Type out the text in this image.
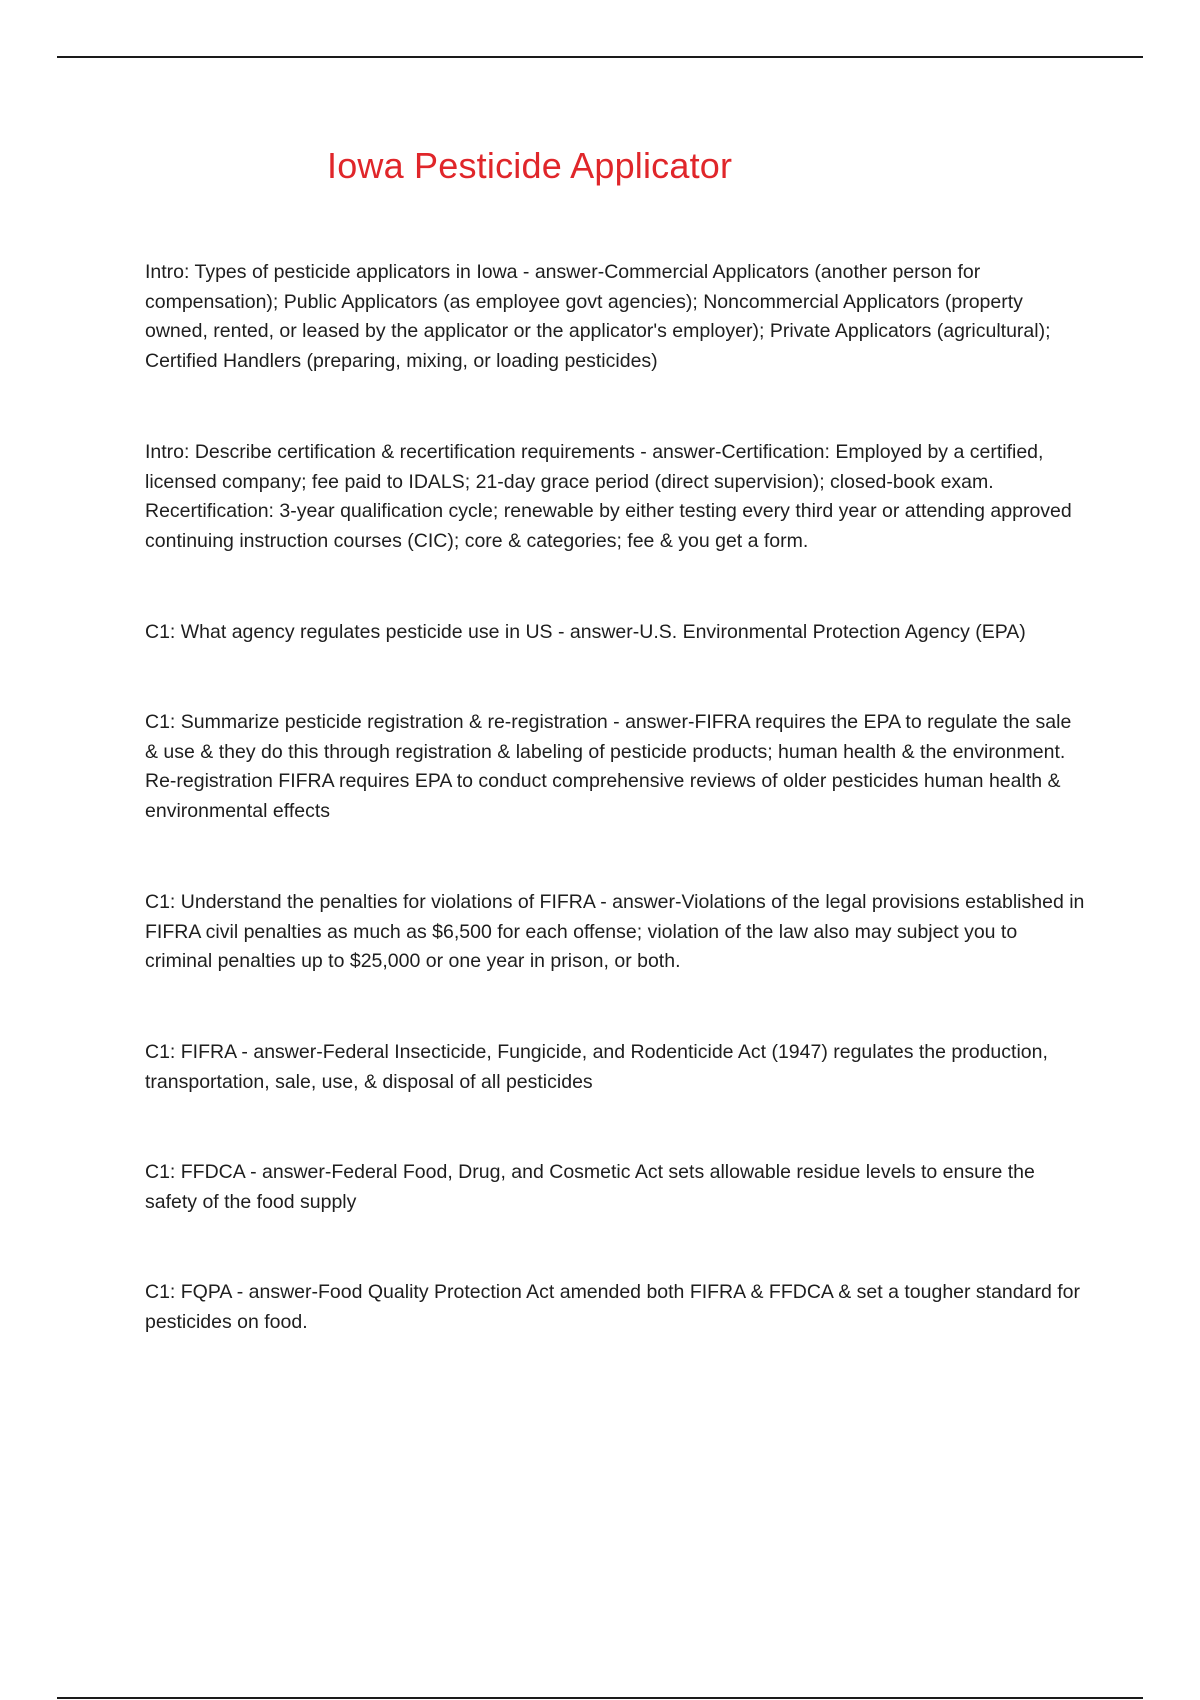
Iowa Pesticide Applicator

Intro: Types of pesticide applicators in Iowa - answer-Commercial Applicators (another person for compensation); Public Applicators (as employee govt agencies); Noncommercial Applicators (property owned, rented, or leased by the applicator or the applicator's employer); Private Applicators (agricultural); Certified Handlers (preparing, mixing, or loading pesticides)

Intro: Describe certification & recertification requirements - answer-Certification: Employed by a certified, licensed company; fee paid to IDALS; 21-day grace period (direct supervision); closed-book exam. Recertification: 3-year qualification cycle; renewable by either testing every third year or attending approved continuing instruction courses (CIC); core & categories; fee & you get a form.

C1: What agency regulates pesticide use in US - answer-U.S. Environmental Protection Agency (EPA)

C1: Summarize pesticide registration & re-registration - answer-FIFRA requires the EPA to regulate the sale & use & they do this through registration & labeling of pesticide products; human health & the environment. Re-registration FIFRA requires EPA to conduct comprehensive reviews of older pesticides human health & environmental effects

C1: Understand the penalties for violations of FIFRA - answer-Violations of the legal provisions established in FIFRA civil penalties as much as $6,500 for each offense; violation of the law also may subject you to criminal penalties up to $25,000 or one year in prison, or both.

C1: FIFRA - answer-Federal Insecticide, Fungicide, and Rodenticide Act (1947) regulates the production, transportation, sale, use, & disposal of all pesticides

C1: FFDCA - answer-Federal Food, Drug, and Cosmetic Act sets allowable residue levels to ensure the safety of the food supply

C1: FQPA - answer-Food Quality Protection Act amended both FIFRA & FFDCA & set a tougher standard for pesticides on food.
